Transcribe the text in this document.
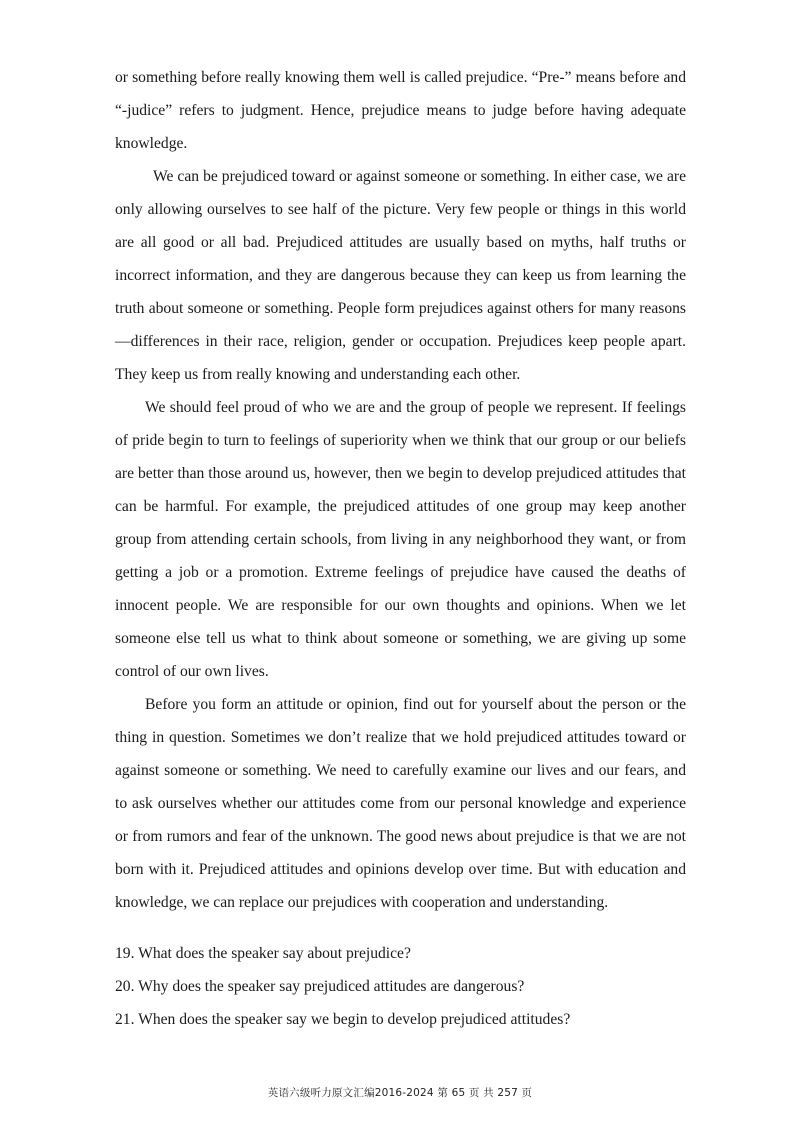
or something before really knowing them well is called prejudice. “Pre-” means before and “-judice” refers to judgment. Hence, prejudice means to judge before having adequate knowledge.

We can be prejudiced toward or against someone or something. In either case, we are only allowing ourselves to see half of the picture. Very few people or things in this world are all good or all bad. Prejudiced attitudes are usually based on myths, half truths or incorrect information, and they are dangerous because they can keep us from learning the truth about someone or something. People form prejudices against others for many reasons—differences in their race, religion, gender or occupation. Prejudices keep people apart. They keep us from really knowing and understanding each other.

We should feel proud of who we are and the group of people we represent. If feelings of pride begin to turn to feelings of superiority when we think that our group or our beliefs are better than those around us, however, then we begin to develop prejudiced attitudes that can be harmful. For example, the prejudiced attitudes of one group may keep another group from attending certain schools, from living in any neighborhood they want, or from getting a job or a promotion. Extreme feelings of prejudice have caused the deaths of innocent people. We are responsible for our own thoughts and opinions. When we let someone else tell us what to think about someone or something, we are giving up some control of our own lives.

Before you form an attitude or opinion, find out for yourself about the person or the thing in question. Sometimes we don’t realize that we hold prejudiced attitudes toward or against someone or something. We need to carefully examine our lives and our fears, and to ask ourselves whether our attitudes come from our personal knowledge and experience or from rumors and fear of the unknown. The good news about prejudice is that we are not born with it. Prejudiced attitudes and opinions develop over time. But with education and knowledge, we can replace our prejudices with cooperation and understanding.

19. What does the speaker say about prejudice?

20. Why does the speaker say prejudiced attitudes are dangerous?

21. When does the speaker say we begin to develop prejudiced attitudes?

英语六级听力原文汇编2016-2024 第 65 页 共 257 页
